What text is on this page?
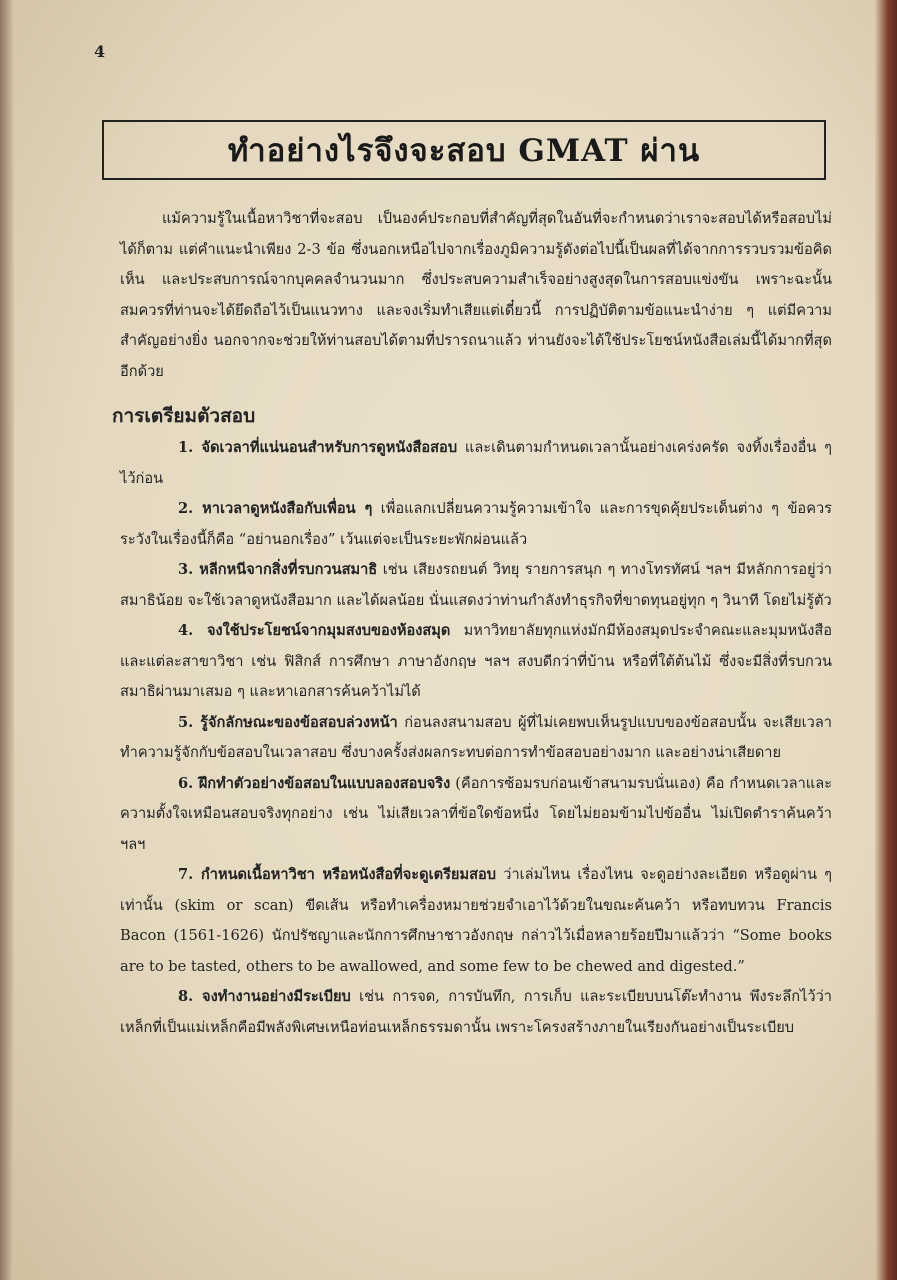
4
ทำอย่างไรจึงจะสอบ GMAT ผ่าน

แม้ความรู้ในเนื้อหาวิชาที่จะสอบ เป็นองค์ประกอบที่สำคัญที่สุดในอันที่จะกำหนดว่าเราจะสอบได้หรือสอบไม่ได้ก็ตาม แต่คำแนะนำเพียง 2-3 ข้อ ซึ่งนอกเหนือไปจากเรื่องภูมิความรู้ดังต่อไปนี้เป็นผลที่ได้จากการรวบรวมข้อคิดเห็น และประสบการณ์จากบุคคลจำนวนมาก ซึ่งประสบความสำเร็จอย่างสูงสุดในการสอบแข่งขัน เพราะฉะนั้นสมควรที่ท่านจะได้ยึดถือไว้เป็นแนวทาง และจงเริ่มทำเสียแต่เดี๋ยวนี้ การปฏิบัติตามข้อแนะนำง่าย ๆ แต่มีความสำคัญอย่างยิ่ง นอกจากจะช่วยให้ท่านสอบได้ตามที่ปรารถนาแล้ว ท่านยังจะได้ใช้ประโยชน์หนังสือเล่มนี้ได้มากที่สุดอีกด้วย

การเตรียมตัวสอบ

1. จัดเวลาที่แน่นอนสำหรับการดูหนังสือสอบ และเดินตามกำหนดเวลานั้นอย่างเคร่งครัด จงทิ้งเรื่องอื่น ๆ ไว้ก่อน

2. หาเวลาดูหนังสือกับเพื่อน ๆ เพื่อแลกเปลี่ยนความรู้ความเข้าใจ และการขุดคุ้ยประเด็นต่าง ๆ ข้อควรระวังในเรื่องนี้ก็คือ “อย่านอกเรื่อง” เว้นแต่จะเป็นระยะพักผ่อนแล้ว

3. หลีกหนีจากสิ่งที่รบกวนสมาธิ เช่น เสียงรถยนต์ วิทยุ รายการสนุก ๆ ทางโทรทัศน์ ฯลฯ มีหลักการอยู่ว่า สมาธิน้อย จะใช้เวลาดูหนังสือมาก และได้ผลน้อย นั่นแสดงว่าท่านกำลังทำธุรกิจที่ขาดทุนอยู่ทุก ๆ วินาที โดยไม่รู้ตัว

4. จงใช้ประโยชน์จากมุมสงบของห้องสมุด มหาวิทยาลัยทุกแห่งมักมีห้องสมุดประจำคณะและมุมหนังสือ และแต่ละสาขาวิชา เช่น ฟิสิกส์ การศึกษา ภาษาอังกฤษ ฯลฯ สงบดีกว่าที่บ้าน หรือที่ใต้ต้นไม้ ซึ่งจะมีสิ่งที่รบกวนสมาธิผ่านมาเสมอ ๆ และหาเอกสารค้นคว้าไม่ได้

5. รู้จักลักษณะของข้อสอบล่วงหน้า ก่อนลงสนามสอบ ผู้ที่ไม่เคยพบเห็นรูปแบบของข้อสอบนั้น จะเสียเวลาทำความรู้จักกับข้อสอบในเวลาสอบ ซึ่งบางครั้งส่งผลกระทบต่อการทำข้อสอบอย่างมาก และอย่างน่าเสียดาย

6. ฝึกทำตัวอย่างข้อสอบในแบบลองสอบจริง (คือการซ้อมรบก่อนเข้าสนามรบนั่นเอง) คือ กำหนดเวลาและความตั้งใจเหมือนสอบจริงทุกอย่าง เช่น ไม่เสียเวลาที่ข้อใดข้อหนึ่ง โดยไม่ยอมข้ามไปข้ออื่น ไม่เปิดตำราค้นคว้า ฯลฯ

7. กำหนดเนื้อหาวิชา หรือหนังสือที่จะดูเตรียมสอบ ว่าเล่มไหน เรื่องไหน จะดูอย่างละเอียด หรือดูผ่าน ๆ เท่านั้น (skim or scan) ขีดเส้น หรือทำเครื่องหมายช่วยจำเอาไว้ด้วยในขณะค้นคว้า หรือทบทวน Francis Bacon (1561-1626) นักปรัชญาและนักการศึกษาชาวอังกฤษ กล่าวไว้เมื่อหลายร้อยปีมาแล้วว่า “Some books are to be tasted, others to be awallowed, and some few to be chewed and digested.”

8. จงทำงานอย่างมีระเบียบ เช่น การจด, การบันทึก, การเก็บ และระเบียบบนโต๊ะทำงาน พึงระลึกไว้ว่า เหล็กที่เป็นแม่เหล็กคือมีพลังพิเศษเหนือท่อนเหล็กธรรมดานั้น เพราะโครงสร้างภายในเรียงกันอย่างเป็นระเบียบ
